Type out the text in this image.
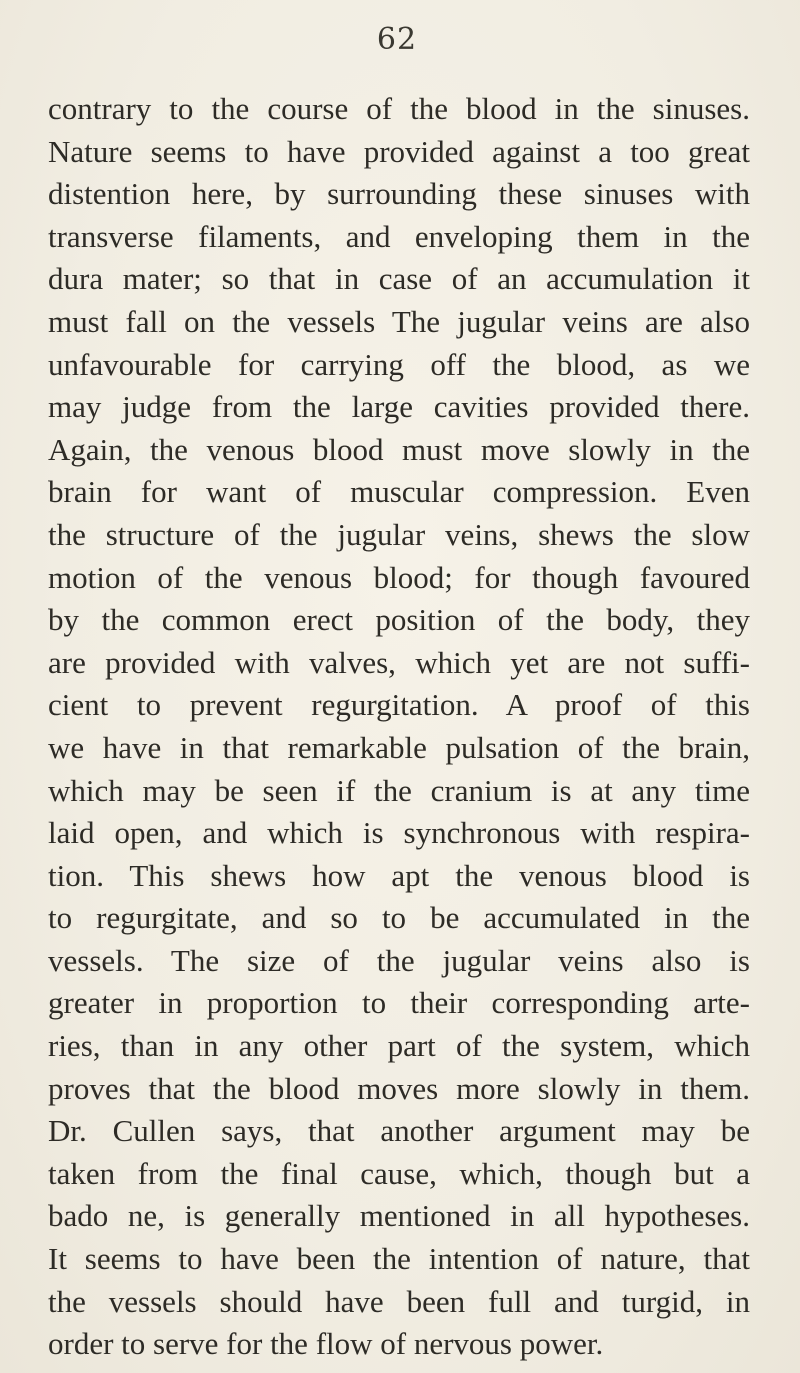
62
contrary to the course of the blood in the sinuses.
Nature seems to have provided against a too great
distention here, by surrounding these sinuses with
transverse filaments, and enveloping them in the
dura mater; so that in case of an accumulation it
must fall on the vessels The jugular veins are also
unfavourable for carrying off the blood, as we
may judge from the large cavities provided there.
Again, the venous blood must move slowly in the
brain for want of muscular compression. Even
the structure of the jugular veins, shews the slow
motion of the venous blood; for though favoured
by the common erect position of the body, they
are provided with valves, which yet are not suffi-
cient to prevent regurgitation. A proof of this
we have in that remarkable pulsation of the brain,
which may be seen if the cranium is at any time
laid open, and which is synchronous with respira-
tion. This shews how apt the venous blood is
to regurgitate, and so to be accumulated in the
vessels. The size of the jugular veins also is
greater in proportion to their corresponding arte-
ries, than in any other part of the system, which
proves that the blood moves more slowly in them.
Dr. Cullen says, that another argument may be
taken from the final cause, which, though but a
bado ne, is generally mentioned in all hypotheses.
It seems to have been the intention of nature, that
the vessels should have been full and turgid, in
order to serve for the flow of nervous power.
